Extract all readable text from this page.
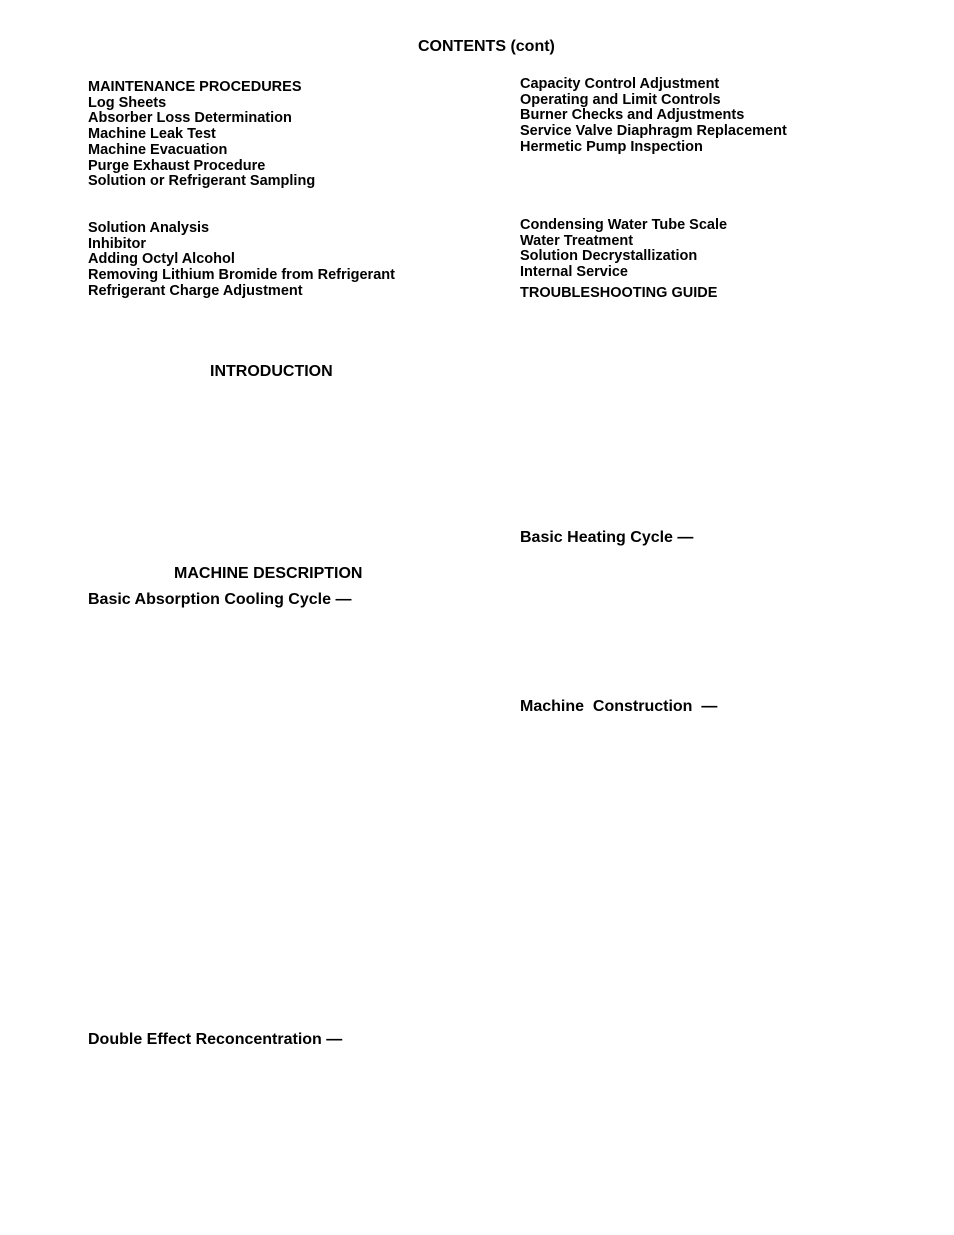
CONTENTS (cont)
MAINTENANCE PROCEDURES
Log Sheets
Absorber Loss Determination
Machine Leak Test
Machine Evacuation
Purge Exhaust Procedure
Solution or Refrigerant Sampling
Solution Analysis
Inhibitor
Adding Octyl Alcohol
Removing Lithium Bromide from Refrigerant
Refrigerant Charge Adjustment
Capacity Control Adjustment
Operating and Limit Controls
Burner Checks and Adjustments
Service Valve Diaphragm Replacement
Hermetic Pump Inspection
Condensing Water Tube Scale
Water Treatment
Solution Decrystallization
Internal Service
TROUBLESHOOTING GUIDE
INTRODUCTION
MACHINE DESCRIPTION
Basic Absorption Cooling Cycle —
Double Effect Reconcentration —
Basic Heating Cycle —
Machine  Construction  —
